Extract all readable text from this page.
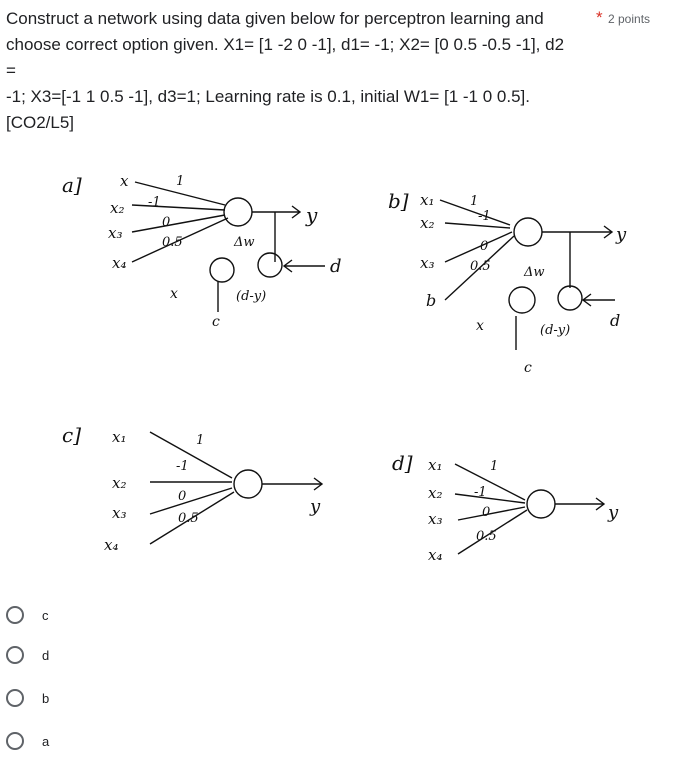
Construct a network using data given below for perceptron learning and
choose correct option given. X1= [1 -2 0 -1], d1= -1; X2= [0 0.5 -0.5 -1], d2 =
-1; X3=[-1 1 0.5 -1], d3=1; Learning rate is 0.1, initial W1= [1 -1 0 0.5].
[CO2/L5]
* 2 points
a]	x
x₂
x₃
x₄
1
-1
0
0.5
y
d
Δw
(d-y)
x
c
b] x₁
x₂
x₃
b
1
-1
0
0.5
y
d
Δw
(d-y)
x
c
c] x₁
x₂
x₃
x₄
1
-1
0
0.5
y
d] x₁
x₂
x₃
x₄
1
-1
0
0.5
y
c
d
b
a
